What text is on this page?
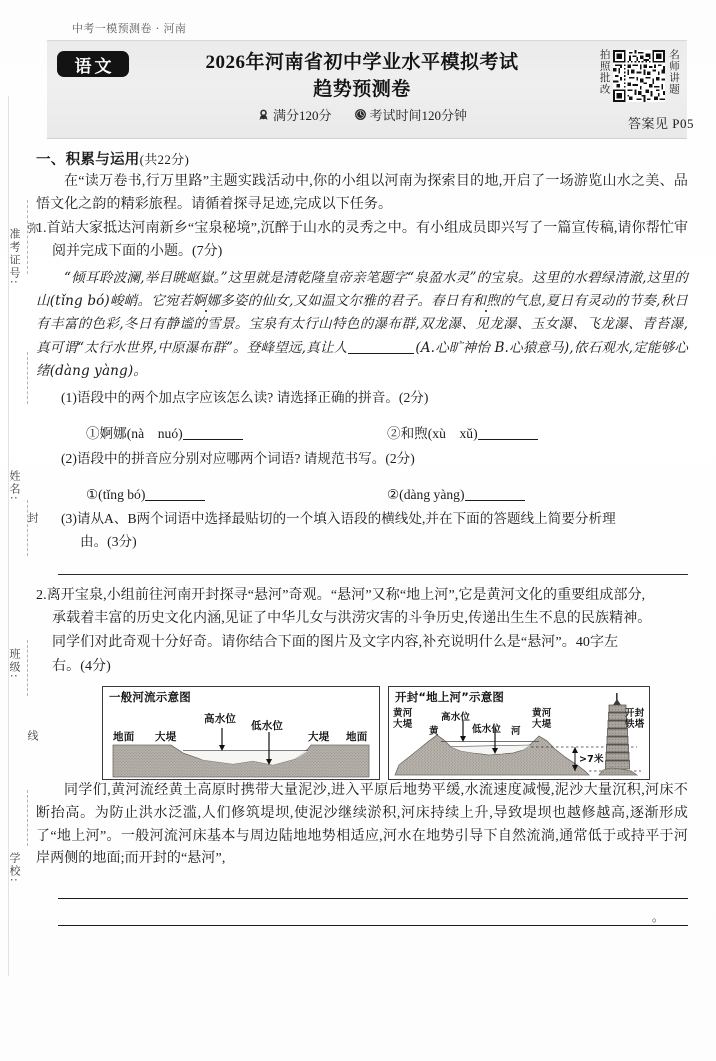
准考证号:
弥
姓名:
封
班级:
线
学校:
中考一模预测卷 · 河南
语文	2026年河南省初中学业水平模拟考试
趋势预测卷
满分120分	考试时间120分钟
拍照批改	名师讲题
答案见 P05
一、积累与运用(共22分)

在“读万卷书,行万里路”主题实践活动中,你的小组以河南为探索目的地,开启了一场游览山水之美、品悟文化之韵的精彩旅程。请循着探寻足迹,完成以下任务。

1.首站大家抵达河南新乡“宝泉秘境”,沉醉于山水的灵秀之中。有小组成员即兴写了一篇宣传稿,请你帮忙审阅并完成下面的小题。(7分)

“倾耳聆波澜,举目眺岖嶽。”这里就是清乾隆皇帝亲笔题字“泉盈水灵”的宝泉。这里的水碧绿清澈,这里的山(tǐng bó)峻峭。它宛若婀娜多姿的仙女,又如温文尔雅的君子。春日有和煦的气息,夏日有灵动的节奏,秋日有丰富的色彩,冬日有静谧的雪景。宝泉有太行山特色的瀑布群,双龙瀑、见龙瀑、玉女瀑、飞龙瀑、青苔瀑,真可谓“太行水世界,中原瀑布群”。登峰望远,真让人	(A.心旷神怡 B.心猿意马),依石观水,定能够心绪(dàng yàng)。

(1)语段中的两个加点字应该怎么读? 请选择正确的拼音。(2分)

①婀娜(nà　nuó)	②和煦(xù　xǔ)

(2)语段中的拼音应分别对应哪两个词语? 请规范书写。(2分)

①(tǐng bó)	②(dàng yàng)

(3)请从A、B两个词语中选择最贴切的一个填入语段的横线处,并在下面的答题线上简要分析理
由。(3分)

2.离开宝泉,小组前往河南开封探寻“悬河”奇观。“悬河”又称“地上河”,它是黄河文化的重要组成部分,

承载着丰富的历史文化内涵,见证了中华儿女与洪涝灾害的斗争历史,传递出生生不息的民族精神。

同学们对此奇观十分好奇。请你结合下面的图片及文字内容,补充说明什么是“悬河”。40字左

右。(4分)

一般河流示意图
地面 大堤
高水位
低水位
大堤 地面
开封“地上河”示意图
黄河大堤
高水位
低水位
黄	河
黄河大堤
开封铁塔
>7米

同学们,黄河流经黄土高原时携带大量泥沙,进入平原后地势平缓,水流速度减慢,泥沙大量沉积,河床不断抬高。为防止洪水泛滥,人们修筑堤坝,使泥沙继续淤积,河床持续上升,导致堤坝也越修越高,逐渐形成了“地上河”。一般河流河床基本与周边陆地地势相适应,河水在地势引导下自然流淌,通常低于或持平于河岸两侧的地面;而开封的“悬河”,

。
